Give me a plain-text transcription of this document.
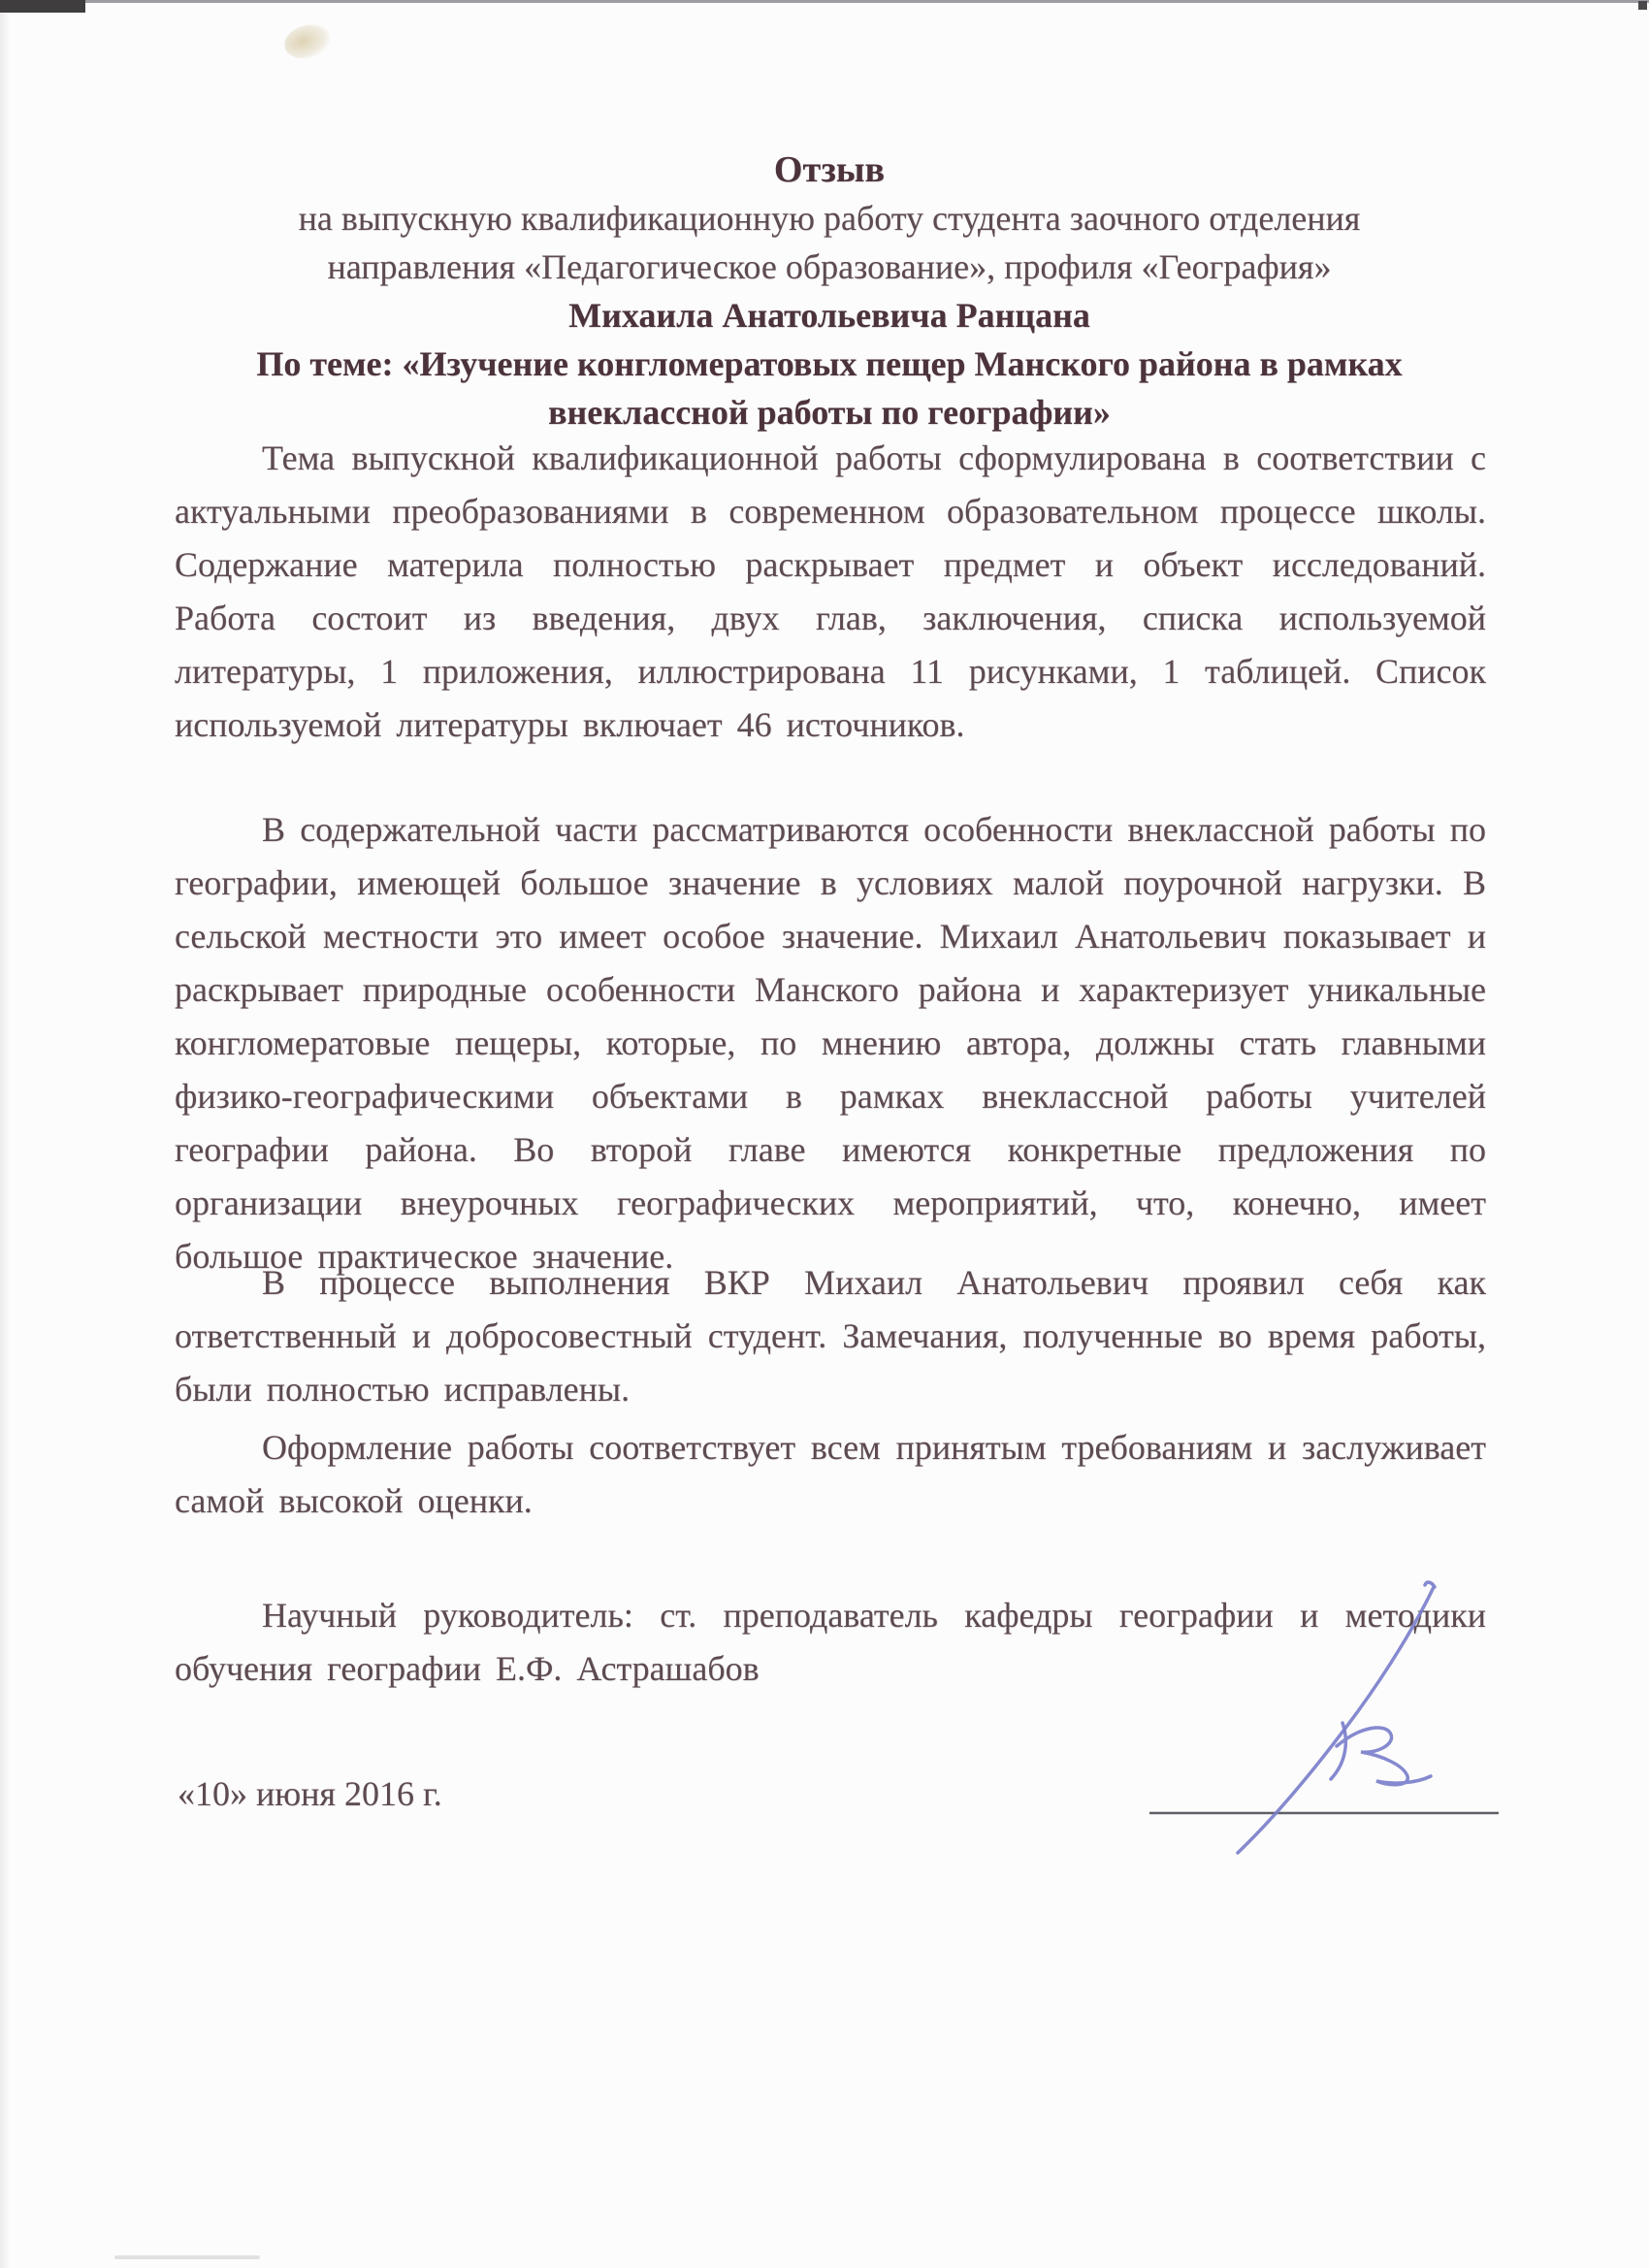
Отзыв
на выпускную квалификационную работу студента заочного отделения
направления «Педагогическое образование», профиля «География»
Михаила Анатольевича Ранцана
По теме: «Изучение конгломератовых пещер Манского района в рамках
внеклассной работы по географии»
Тема выпускной квалификационной работы сформулирована в соответствии с актуальными преобразованиями в современном образовательном процессе школы. Содержание материла полностью раскрывает предмет и объект исследований. Работа состоит из введения, двух глав, заключения, списка используемой литературы, 1 приложения, иллюстрирована 11 рисунками, 1 таблицей. Список используемой литературы включает 46 источников.
В содержательной части рассматриваются особенности внеклассной работы по географии, имеющей большое значение в условиях малой поурочной нагрузки. В сельской местности это имеет особое значение. Михаил Анатольевич показывает и раскрывает природные особенности Манского района и характеризует уникальные конгломератовые пещеры, которые, по мнению автора, должны стать главными физико-географическими объектами в рамках внеклассной работы учителей географии района. Во второй главе имеются конкретные предложения по организации внеурочных географических мероприятий, что, конечно, имеет большое практическое значение.
В процессе выполнения ВКР Михаил Анатольевич проявил себя как ответственный и добросовестный студент. Замечания, полученные во время работы, были полностью исправлены.
Оформление работы соответствует всем принятым требованиям и заслуживает самой высокой оценки.
Научный руководитель: ст. преподаватель кафедры географии и методики обучения географии Е.Ф. Астрашабов
«10» июня 2016 г.
